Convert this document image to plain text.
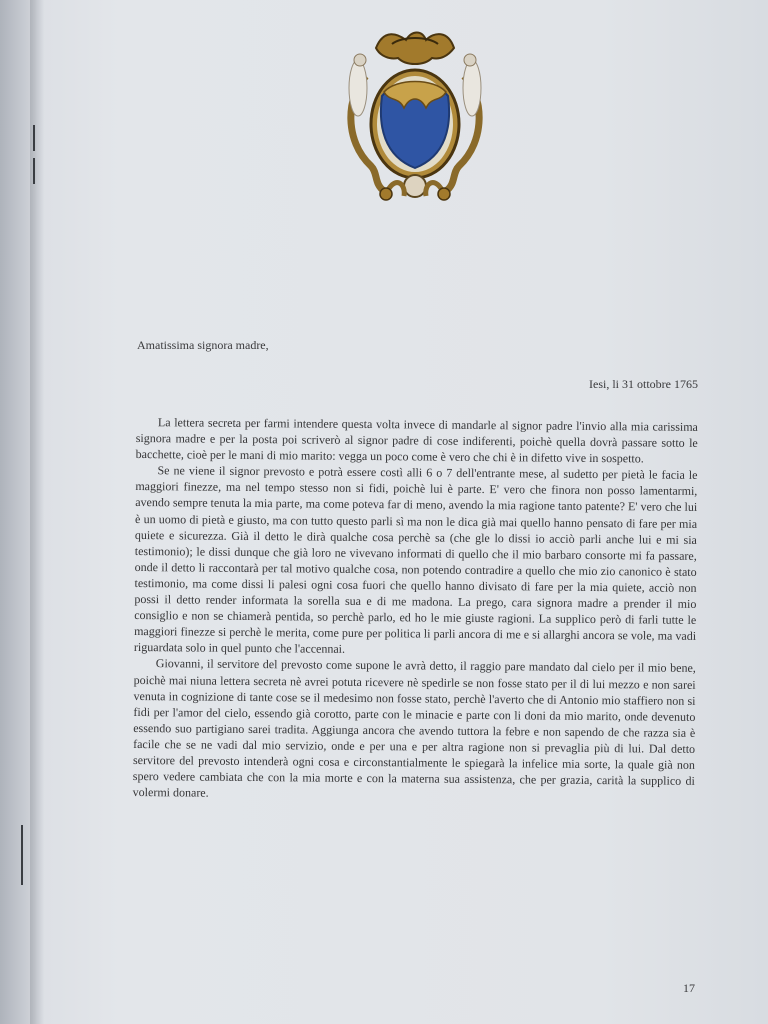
Amatissima signora madre,
Iesi, li 31 ottobre 1765

La lettera secreta per farmi intendere questa volta invece di mandarle al signor padre l'invio alla mia carissima signora madre e per la posta poi scriverò al signor padre di cose indiferenti, poichè quella dovrà passare sotto le bacchette, cioè per le mani di mio marito: vegga un poco come è vero che chi è in difetto vive in sospetto.

Se ne viene il signor prevosto e potrà essere costì alli 6 o 7 dell'entrante mese, al sudetto per pietà le facia le maggiori finezze, ma nel tempo stesso non si fidi, poichè lui è parte. E' vero che finora non posso lamentarmi, avendo sempre tenuta la mia parte, ma come poteva far di meno, avendo la mia ragione tanto patente? E' vero che lui è un uomo di pietà e giusto, ma con tutto questo parli sì ma non le dica già mai quello hanno pensato di fare per mia quiete e sicurezza. Già il detto le dirà qualche cosa perchè sa (che gle lo dissi io acciò parli anche lui e mi sia testimonio); le dissi dunque che già loro ne vivevano informati di quello che il mio barbaro consorte mi fa passare, onde il detto li raccontarà per tal motivo qualche cosa, non potendo contradire a quello che mio zio canonico è stato testimonio, ma come dissi li palesi ogni cosa fuori che quello hanno divisato di fare per la mia quiete, acciò non possi il detto render informata la sorella sua e di me madona. La prego, cara signora madre a prender il mio consiglio e non se chiamerà pentida, so perchè parlo, ed ho le mie giuste ragioni. La supplico però di farli tutte le maggiori finezze si perchè le merita, come pure per politica li parli ancora di me e si allarghi ancora se vole, ma vadi riguardata solo in quel punto che l'accennai.

Giovanni, il servitore del prevosto come supone le avrà detto, il raggio pare mandato dal cielo per il mio bene, poichè mai niuna lettera secreta nè avrei potuta ricevere nè spedirle se non fosse stato per il di lui mezzo e non sarei venuta in cognizione di tante cose se il medesimo non fosse stato, perchè l'averto che di Antonio mio staffiero non si fidi per l'amor del cielo, essendo già corotto, parte con le minacie e parte con li doni da mio marito, onde devenuto essendo suo partigiano sarei tradita. Aggiunga ancora che avendo tuttora la febre e non sapendo de che razza sia è facile che se ne vadi dal mio servizio, onde e per una e per altra ragione non si prevaglia più di lui. Dal detto servitore del prevosto intenderà ogni cosa e circonstantialmente le spiegarà la infelice mia sorte, la quale già non spero vedere cambiata che con la mia morte e con la materna sua assistenza, che per grazia, carità la supplico di volermi donare.

17
